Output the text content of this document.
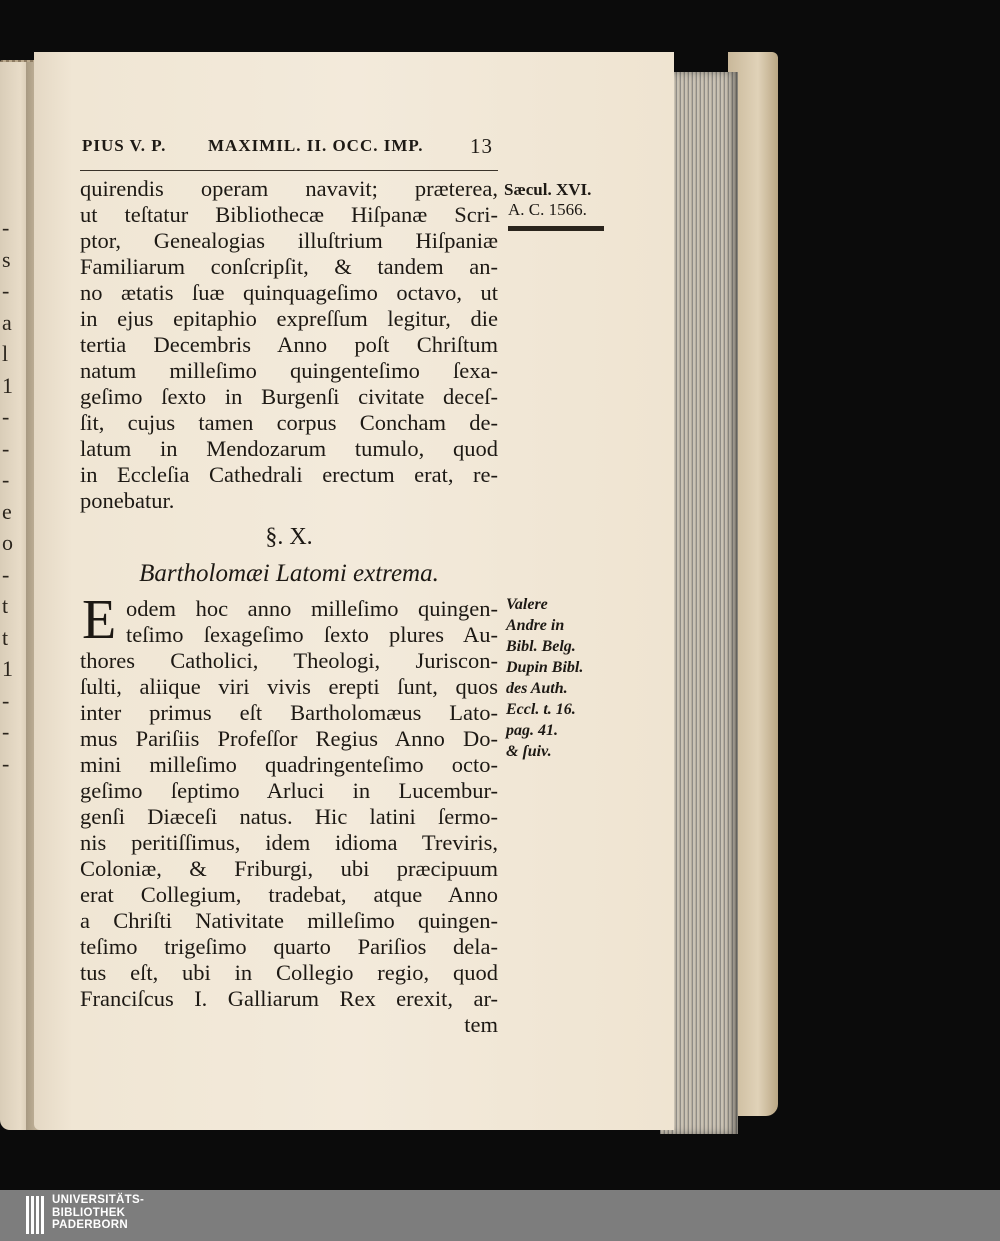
-
s
-
a
l
1
-
-
-
e
o
-
t
t
1
-
-
-
PIUS V. P. MAXIMIL. II. OCC. IMP. 13
quirendis operam navavit; præterea,
ut teſtatur Bibliothecæ Hiſpanæ Scri-
ptor, Genealogias illuſtrium Hiſpaniæ
Familiarum conſcripſit, & tandem an-
no ætatis ſuæ quinquageſimo octavo, ut
in ejus epitaphio expreſſum legitur, die
tertia Decembris Anno poſt Chriſtum
natum milleſimo quingenteſimo ſexa-
geſimo ſexto in Burgenſi civitate deceſ-
ſit, cujus tamen corpus Concham de-
latum in Mendozarum tumulo, quod
in Eccleſia Cathedrali erectum erat, re-
ponebatur.
§. X.
Bartholomæi Latomi extrema.
E odem hoc anno milleſimo quingen-
teſimo ſexageſimo ſexto plures Au-
thores Catholici, Theologi, Juriscon-
ſulti, aliique viri vivis erepti ſunt, quos
inter primus eſt Bartholomæus Lato-
mus Pariſiis Profeſſor Regius Anno Do-
mini milleſimo quadringenteſimo octo-
geſimo ſeptimo Arluci in Lucembur-
genſi Diæceſi natus. Hic latini ſermo-
nis peritiſſimus, idem idioma Treviris,
Coloniæ, & Friburgi, ubi præcipuum
erat Collegium, tradebat, atque Anno
a Chriſti Nativitate milleſimo quingen-
teſimo trigeſimo quarto Pariſios dela-
tus eſt, ubi in Collegio regio, quod
Franciſcus I. Galliarum Rex erexit, ar-
tem
Sæcul. XVI.
A. C. 1566.
Valere
Andre in
Bibl. Belg.
Dupin Bibl.
des Auth.
Eccl. t. 16.
pag. 41.
& ſuiv.
UNIVERSITÄTS-
BIBLIOTHEK
PADERBORN
